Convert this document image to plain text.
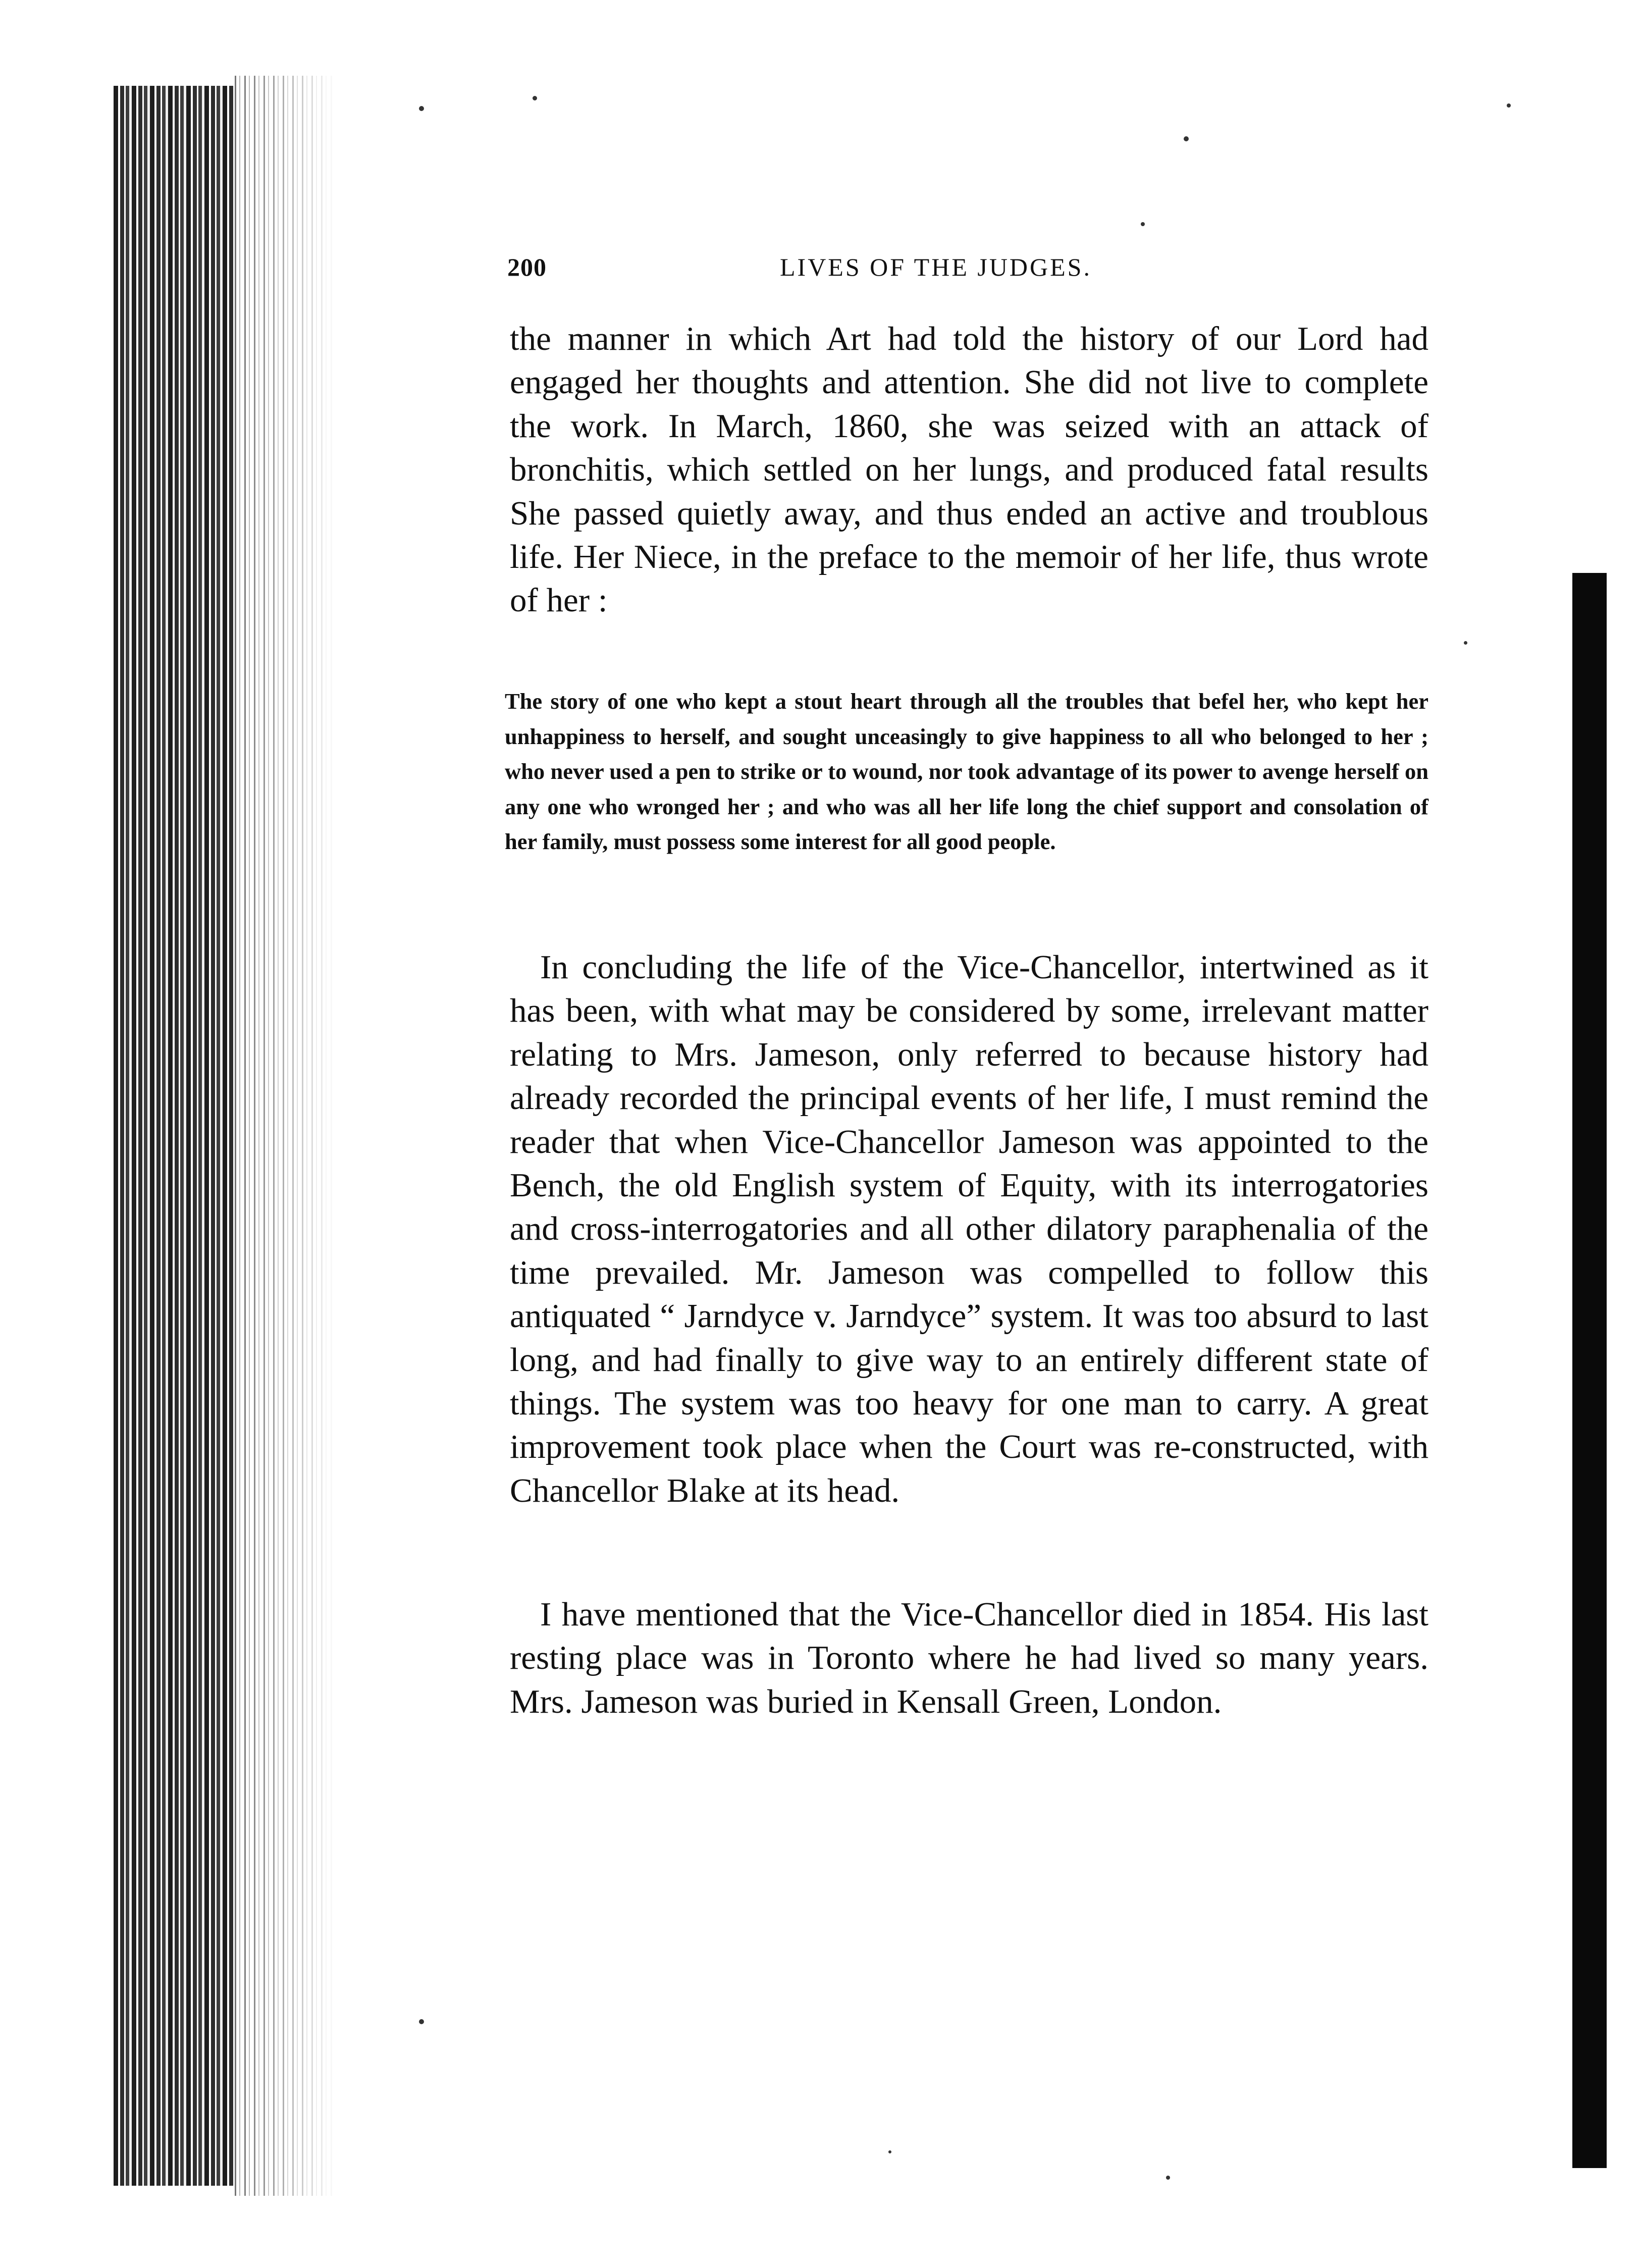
200	LIVES OF THE JUDGES.

the manner in which Art had told the history of our Lord had engaged her thoughts and attention. She did not live to complete the work. In March, 1860, she was seized with an attack of bronchitis, which settled on her lungs, and produced fatal results She passed quietly away, and thus ended an active and troublous life. Her Niece, in the preface to the memoir of her life, thus wrote of her :

The story of one who kept a stout heart through all the troubles that befel her, who kept her unhappiness to herself, and sought unceasingly to give happiness to all who belonged to her ; who never used a pen to strike or to wound, nor took advantage of its power to avenge herself on any one who wronged her ; and who was all her life long the chief support and consolation of her family, must possess some interest for all good people.

In concluding the life of the Vice-Chancellor, intertwined as it has been, with what may be considered by some, irrelevant matter relating to Mrs. Jameson, only referred to because history had already recorded the principal events of her life, I must remind the reader that when Vice-Chancellor Jameson was appointed to the Bench, the old English system of Equity, with its interrogatories and cross-interrogatories and all other dilatory paraphenalia of the time prevailed. Mr. Jameson was compelled to follow this antiquated “ Jarndyce v. Jarndyce” system. It was too absurd to last long, and had finally to give way to an entirely different state of things. The system was too heavy for one man to carry. A great improvement took place when the Court was re-constructed, with Chancellor Blake at its head.

I have mentioned that the Vice-Chancellor died in 1854. His last resting place was in Toronto where he had lived so many years. Mrs. Jameson was buried in Kensall Green, London.
